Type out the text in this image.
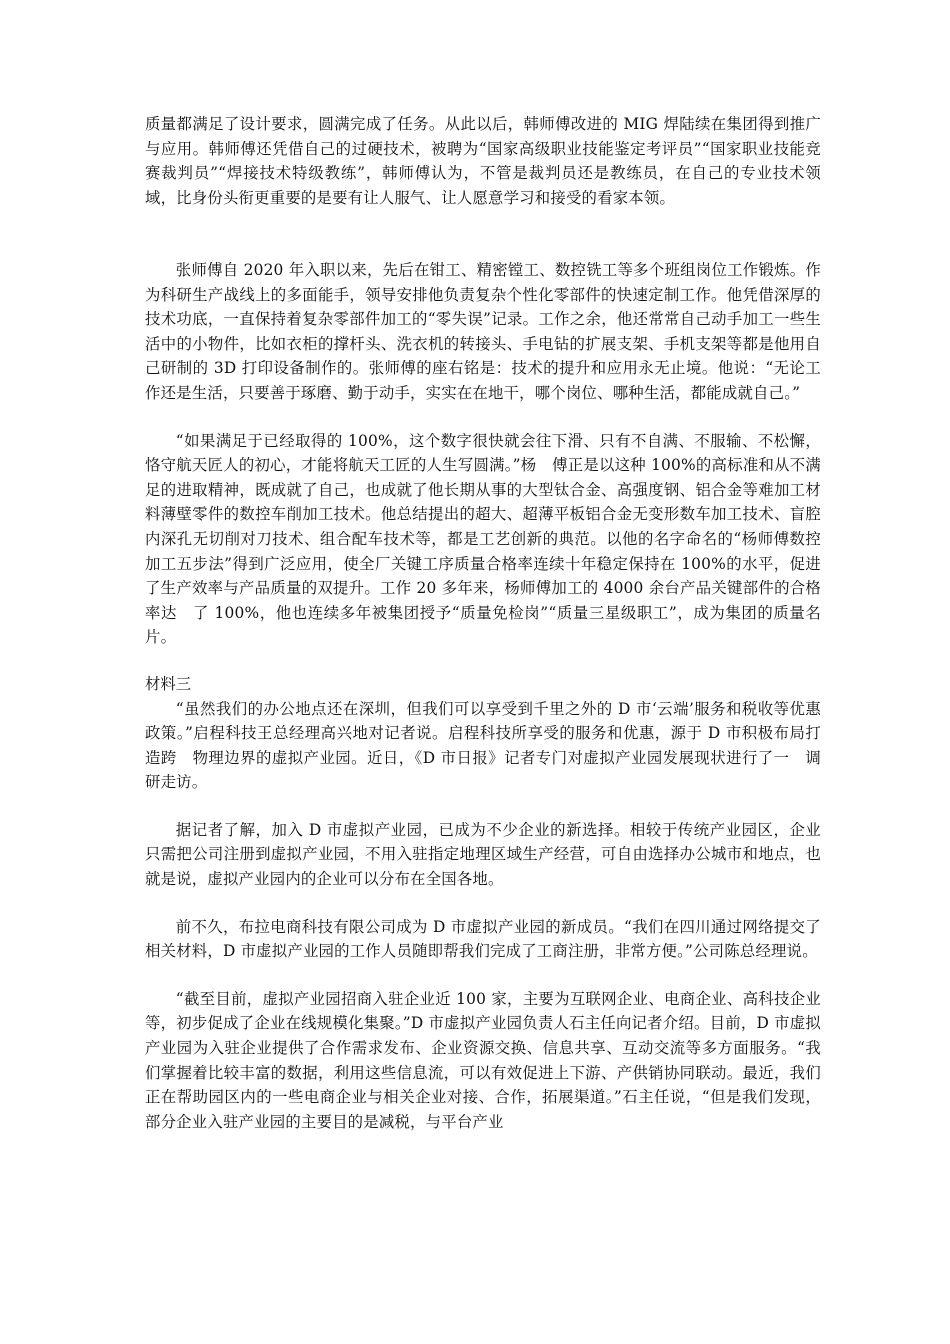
质量都满足了设计要求，圆满完成了任务。从此以后，韩师傅改进的 MIG 焊陆续在集团得到推广与应用。韩师傅还凭借自己的过硬技术，被聘为“国家高级职业技能鉴定考评员”“国家职业技能竞赛裁判员”“焊接技术特级教练”，韩师傅认为，不管是裁判员还是教练员，在自己的专业技术领域，比身份头衔更重要的是要有让人服气、让人愿意学习和接受的看家本领。

张师傅自 2020 年入职以来，先后在钳工、精密镗工、数控铣工等多个班组岗位工作锻炼。作为科研生产战线上的多面能手，领导安排他负责复杂个性化零部件的快速定制工作。他凭借深厚的技术功底，一直保持着复杂零部件加工的“零失误”记录。工作之余，他还常常自己动手加工一些生活中的小物件，比如衣柜的撑杆头、洗衣机的转接头、手电钻的扩展支架、手机支架等都是他用自己研制的 3D 打印设备制作的。张师傅的座右铭是：技术的提升和应用永无止境。他说：“无论工作还是生活，只要善于琢磨、勤于动手，实实在在地干，哪个岗位、哪种生活，都能成就自己。”

“如果满足于已经取得的 100%，这个数字很快就会往下滑、只有不自满、不服输、不松懈，恪守航天匠人的初心，才能将航天工匠的人生写圆满。”杨　傅正是以这种 100%的高标准和从不满足的进取精神，既成就了自己，也成就了他长期从事的大型钛合金、高强度钢、铝合金等难加工材料薄壁零件的数控车削加工技术。他总结提出的超大、超薄平板铝合金无变形数车加工技术、盲腔内深孔无切削对刀技术、组合配车技术等，都是工艺创新的典范。以他的名字命名的“杨师傅数控加工五步法”得到广泛应用，使全厂关键工序质量合格率连续十年稳定保持在 100%的水平，促进了生产效率与产品质量的双提升。工作 20 多年来，杨师傅加工的 4000 余台产品关键部件的合格率达　了 100%，他也连续多年被集团授予“质量免检岗”“质量三星级职工”，成为集团的质量名片。

材料三

“虽然我们的办公地点还在深圳，但我们可以享受到千里之外的 D 市‘云端’服务和税收等优惠政策。”启程科技王总经理高兴地对记者说。启程科技所享受的服务和优惠，源于 D 市积极布局打造跨　物理边界的虚拟产业园。近日，《D 市日报》记者专门对虚拟产业园发展现状进行了一　调研走访。

据记者了解，加入 D 市虚拟产业园，已成为不少企业的新选择。相较于传统产业园区，企业只需把公司注册到虚拟产业园，不用入驻指定地理区域生产经营，可自由选择办公城市和地点，也就是说，虚拟产业园内的企业可以分布在全国各地。

前不久，布拉电商科技有限公司成为 D 市虚拟产业园的新成员。“我们在四川通过网络提交了相关材料，D 市虚拟产业园的工作人员随即帮我们完成了工商注册，非常方便。”公司陈总经理说。

“截至目前，虚拟产业园招商入驻企业近 100 家，主要为互联网企业、电商企业、高科技企业等，初步促成了企业在线规模化集聚。”D 市虚拟产业园负责人石主任向记者介绍。目前，D 市虚拟产业园为入驻企业提供了合作需求发布、企业资源交换、信息共享、互动交流等多方面服务。“我们掌握着比较丰富的数据，利用这些信息流，可以有效促进上下游、产供销协同联动。最近，我们正在帮助园区内的一些电商企业与相关企业对接、合作，拓展渠道。”石主任说，“但是我们发现，部分企业入驻产业园的主要目的是减税，与平台产业
